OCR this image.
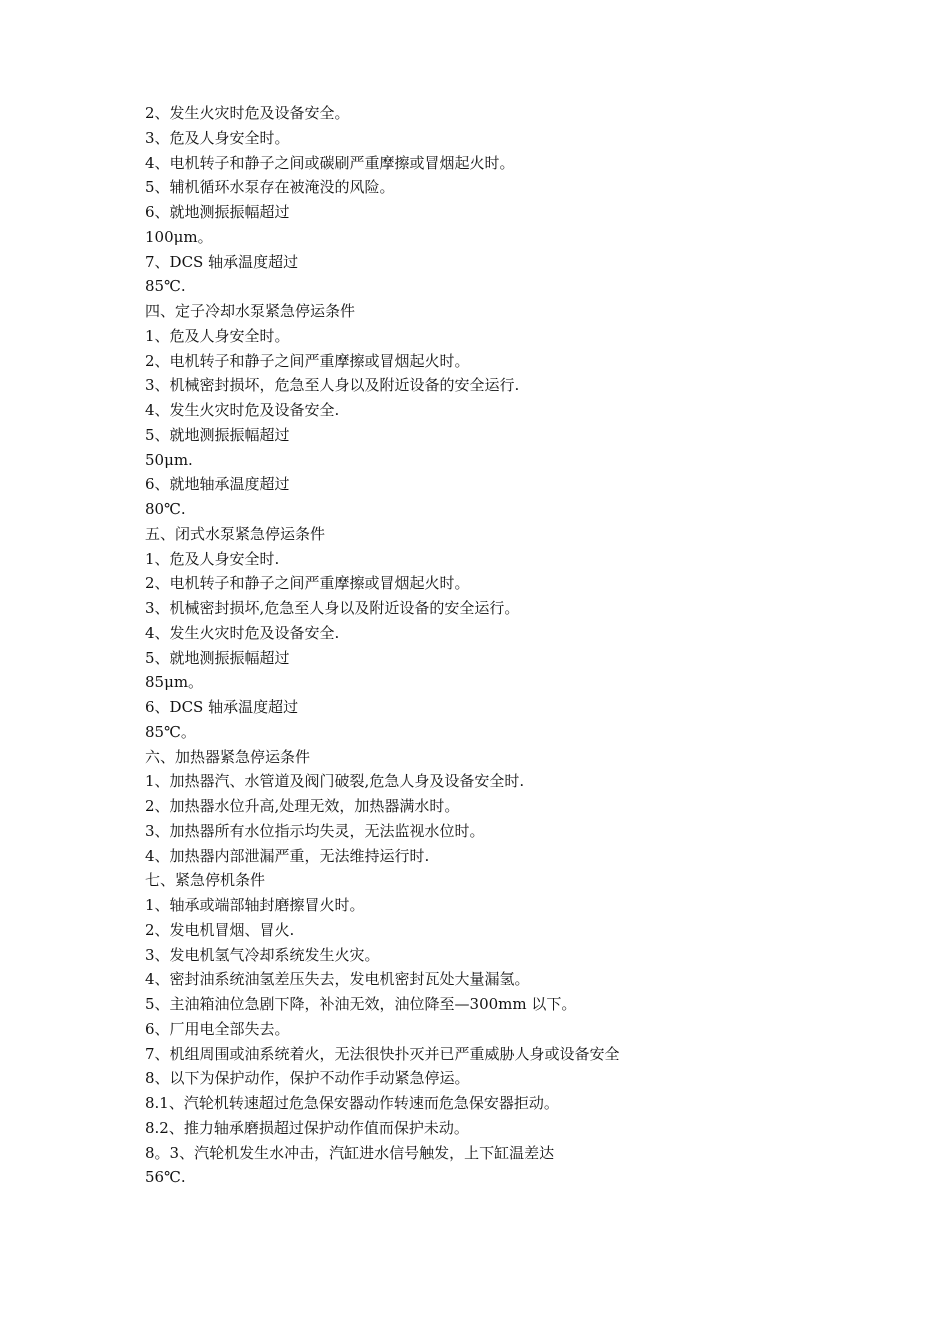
2、发生火灾时危及设备安全。
3、危及人身安全时。
4、电机转子和静子之间或碳刷严重摩擦或冒烟起火时。
5、辅机循环水泵存在被淹没的风险。
6、就地测振振幅超过
100μm。
7、DCS 轴承温度超过
85℃.
四、定子冷却水泵紧急停运条件
1、危及人身安全时。
2、电机转子和静子之间严重摩擦或冒烟起火时。
3、机械密封损坏，危急至人身以及附近设备的安全运行.
4、发生火灾时危及设备安全.
5、就地测振振幅超过
50μm.
6、就地轴承温度超过
80℃.
五、闭式水泵紧急停运条件
1、危及人身安全时.
2、电机转子和静子之间严重摩擦或冒烟起火时。
3、机械密封损坏,危急至人身以及附近设备的安全运行。
4、发生火灾时危及设备安全.
5、就地测振振幅超过
85μm。
6、DCS 轴承温度超过
85℃。
六、加热器紧急停运条件
1、加热器汽、水管道及阀门破裂,危急人身及设备安全时.
2、加热器水位升高,处理无效，加热器满水时。
3、加热器所有水位指示均失灵，无法监视水位时。
4、加热器内部泄漏严重，无法维持运行时.
七、紧急停机条件
1、轴承或端部轴封磨擦冒火时。
2、发电机冒烟、冒火.
3、发电机氢气冷却系统发生火灾。
4、密封油系统油氢差压失去，发电机密封瓦处大量漏氢。
5、主油箱油位急剧下降，补油无效，油位降至—300mm 以下。
6、厂用电全部失去。
7、机组周围或油系统着火，无法很快扑灭并已严重威胁人身或设备安全
8、以下为保护动作，保护不动作手动紧急停运。
8.1、汽轮机转速超过危急保安器动作转速而危急保安器拒动。
8.2、推力轴承磨损超过保护动作值而保护未动。
8。3、汽轮机发生水冲击，汽缸进水信号触发，上下缸温差达
56℃.
